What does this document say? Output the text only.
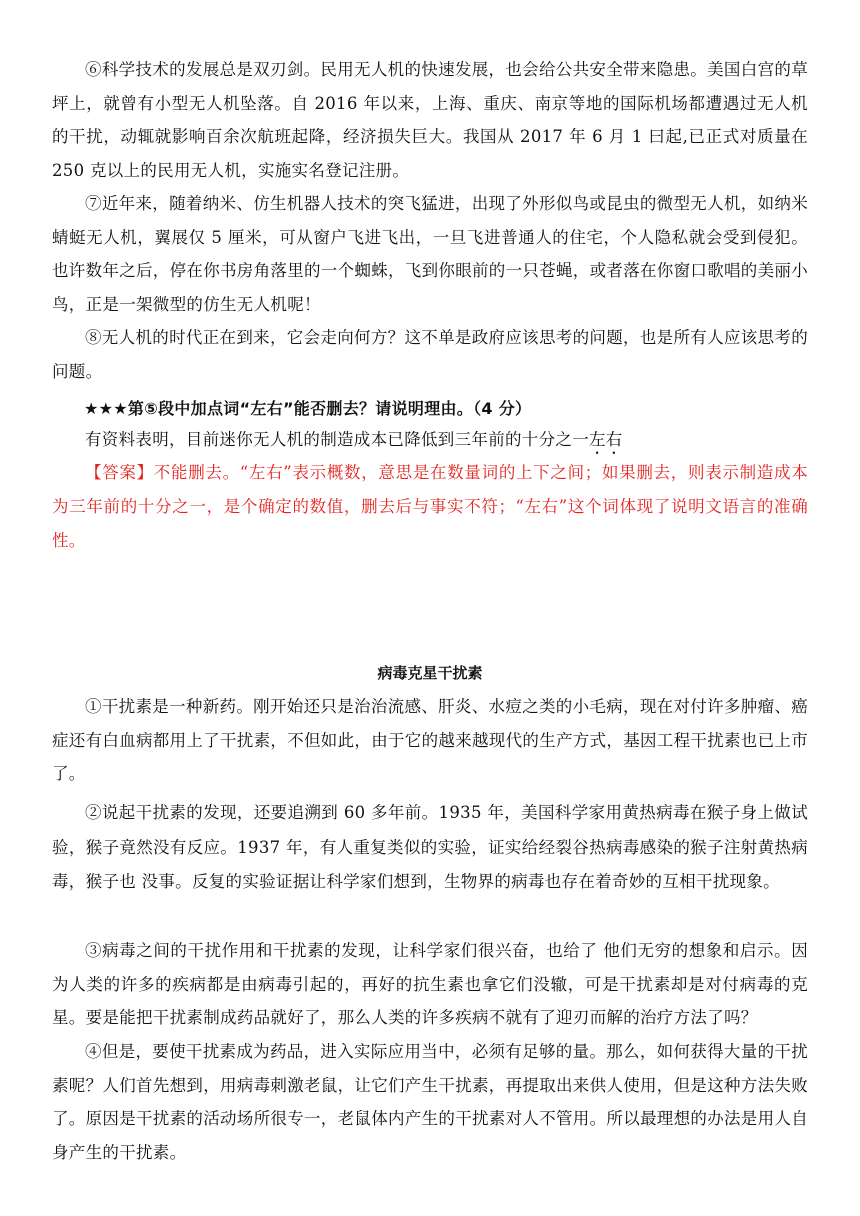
⑥科学技术的发展总是双刃剑。民用无人机的快速发展，也会给公共安全带来隐患。美国白宫的草坪上，就曾有小型无人机坠落。自 2016 年以来，上海、重庆、南京等地的国际机场都遭遇过无人机的干扰，动辄就影响百余次航班起降，经济损失巨大。我国从 2017 年 6 月 1 曰起,已正式对质量在 250 克以上的民用无人机，实施实名登记注册。

⑦近年来，随着纳米、仿生机器人技术的突飞猛进，出现了外形似鸟或昆虫的微型无人机，如纳米蜻蜓无人机，翼展仅 5 厘米，可从窗户飞进飞出，一旦飞进普通人的住宅，个人隐私就会受到侵犯。也许数年之后，停在你书房角落里的一个蜘蛛，飞到你眼前的一只苍蝇，或者落在你窗口歌唱的美丽小鸟，正是一架微型的仿生无人机呢！

⑧无人机的时代正在到来，它会走向何方？这不单是政府应该思考的问题，也是所有人应该思考的问题。

★★★第⑤段中加点词“左右”能否删去？请说明理由。（4 分）

有资料表明，目前迷你无人机的制造成本已降低到三年前的十分之一左右

【答案】不能删去。“左右”表示概数，意思是在数量词的上下之间；如果删去，则表示制造成本为三年前的十分之一，是个确定的数值，删去后与事实不符；“左右”这个词体现了说明文语言的准确性。

病毒克星干扰素

①干扰素是一种新药。刚开始还只是治治流感、肝炎、水痘之类的小毛病，现在对付许多肿瘤、癌症还有白血病都用上了干扰素，不但如此，由于它的越来越现代的生产方式，基因工程干扰素也已上市了。

②说起干扰素的发现，还要追溯到 60 多年前。1935 年，美国科学家用黄热病毒在猴子身上做试验，猴子竟然没有反应。1937 年，有人重复类似的实验，证实给经裂谷热病毒感染的猴子注射黄热病毒，猴子也 没事。反复的实验证据让科学家们想到，生物界的病毒也存在着奇妙的互相干扰现象。

③病毒之间的干扰作用和干扰素的发现，让科学家们很兴奋，也给了 他们无穷的想象和启示。因为人类的许多的疾病都是由病毒引起的，再好的抗生素也拿它们没辙，可是干扰素却是对付病毒的克星。要是能把干扰素制成药品就好了，那么人类的许多疾病不就有了迎刃而解的治疗方法了吗？

④但是，要使干扰素成为药品，进入实际应用当中，必须有足够的量。那么，如何获得大量的干扰素呢？人们首先想到，用病毒刺激老鼠，让它们产生干扰素，再提取出来供人使用，但是这种方法失败了。原因是干扰素的活动场所很专一，老鼠体内产生的干扰素对人不管用。所以最理想的办法是用人自身产生的干扰素。
